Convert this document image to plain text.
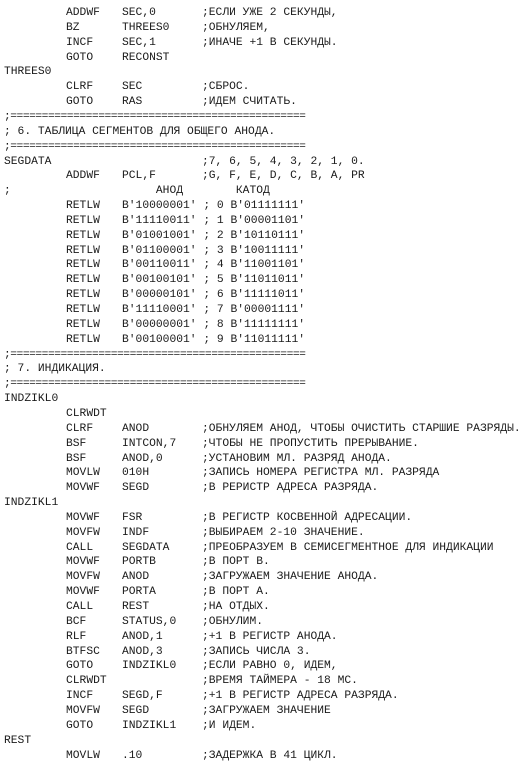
ADDWF SEC,0	;ЕСЛИ УЖЕ 2 СЕКУНДЫ,
BZ	THREES0	;ОБНУЛЯЕМ,
INCF	SEC,1	;ИНАЧЕ +1 В СЕКУНДЫ.
GOTO	RECONST
THREES0
CLRF	SEC	;СБРОС.
GOTO	RAS	;ИДЕМ СЧИТАТЬ.
;===============================================
; 6. ТАБЛИЦА СЕГМЕНТОВ ДЛЯ ОБЩЕГО АНОДА.
;===============================================
SEGDATA	;7, 6, 5, 4, 3, 2, 1, 0.
ADDWF PCL,F	;G, F, E, D, C, B, A, PR
;	АНОД КАТОД
RETLW B'10000001' ; 0 B'01111111'
RETLW B'11110011' ; 1 B'00001101'
RETLW B'01001001' ; 2 B'10110111'
RETLW B'01100001' ; 3 B'10011111'
RETLW B'00110011' ; 4 B'11001101'
RETLW B'00100101' ; 5 B'11011011'
RETLW B'00000101' ; 6 B'11111011'
RETLW B'11110001' ; 7 B'00001111'
RETLW B'00000001' ; 8 B'11111111'
RETLW B'00100001' ; 9 B'11011111'
;===============================================
; 7. ИНДИКАЦИЯ.
;===============================================
INDZIKL0
CLRWDT
CLRF	ANOD	;ОБНУЛЯЕМ АНОД, ЧТОБЫ ОЧИСТИТЬ СТАРШИЕ РАЗРЯДЫ.
BSF	INTCON,7 ;ЧТОБЫ НЕ ПРОПУСТИТЬ ПРЕРЫВАНИЕ.
BSF	ANOD,0	;УСТАНОВИМ МЛ. РАЗРЯД АНОДА.
MOVLW 010H	;ЗАПИСЬ НОМЕРА РЕГИСТРА МЛ. РАЗРЯДА
MOVWF SEGD	;В РЕРИСТР АДРЕСА РАЗРЯДА.
INDZIKL1
MOVWF FSR	;В РЕГИСТР КОСВЕННОЙ АДРЕСАЦИИ.
MOVFW INDF	;ВЫБИРАЕМ 2-10 ЗНАЧЕНИЕ.
CALL	SEGDATA	;ПРЕОБРАЗУЕМ В СЕМИСЕГМЕНТНОЕ ДЛЯ ИНДИКАЦИИ
MOVWF PORTB	;В ПОРТ В.
MOVFW ANOD	;ЗАГРУЖАЕМ ЗНАЧЕНИЕ АНОДА.
MOVWF PORTA	;В ПОРТ А.
CALL	REST	;НА ОТДЫХ.
BCF	STATUS,0 ;ОБНУЛИМ.
RLF	ANOD,1	;+1 В РЕГИСТР АНОДА.
BTFSC ANOD,3	;ЗАПИСЬ ЧИСЛА 3.
GOTO	INDZIKL0 ;ЕСЛИ РАВНО 0, ИДЕМ,
CLRWDT	;ВРЕМЯ ТАЙМЕРА - 18 МС.
INCF	SEGD,F	;+1 В РЕГИСТР АДРЕСА РАЗРЯДА.
MOVFW SEGD	;ЗАГРУЖАЕМ ЗНАЧЕНИЕ
GOTO	INDZIKL1 ;И ИДЕМ.
REST
MOVLW .10	;ЗАДЕРЖКА В 41 ЦИКЛ.
